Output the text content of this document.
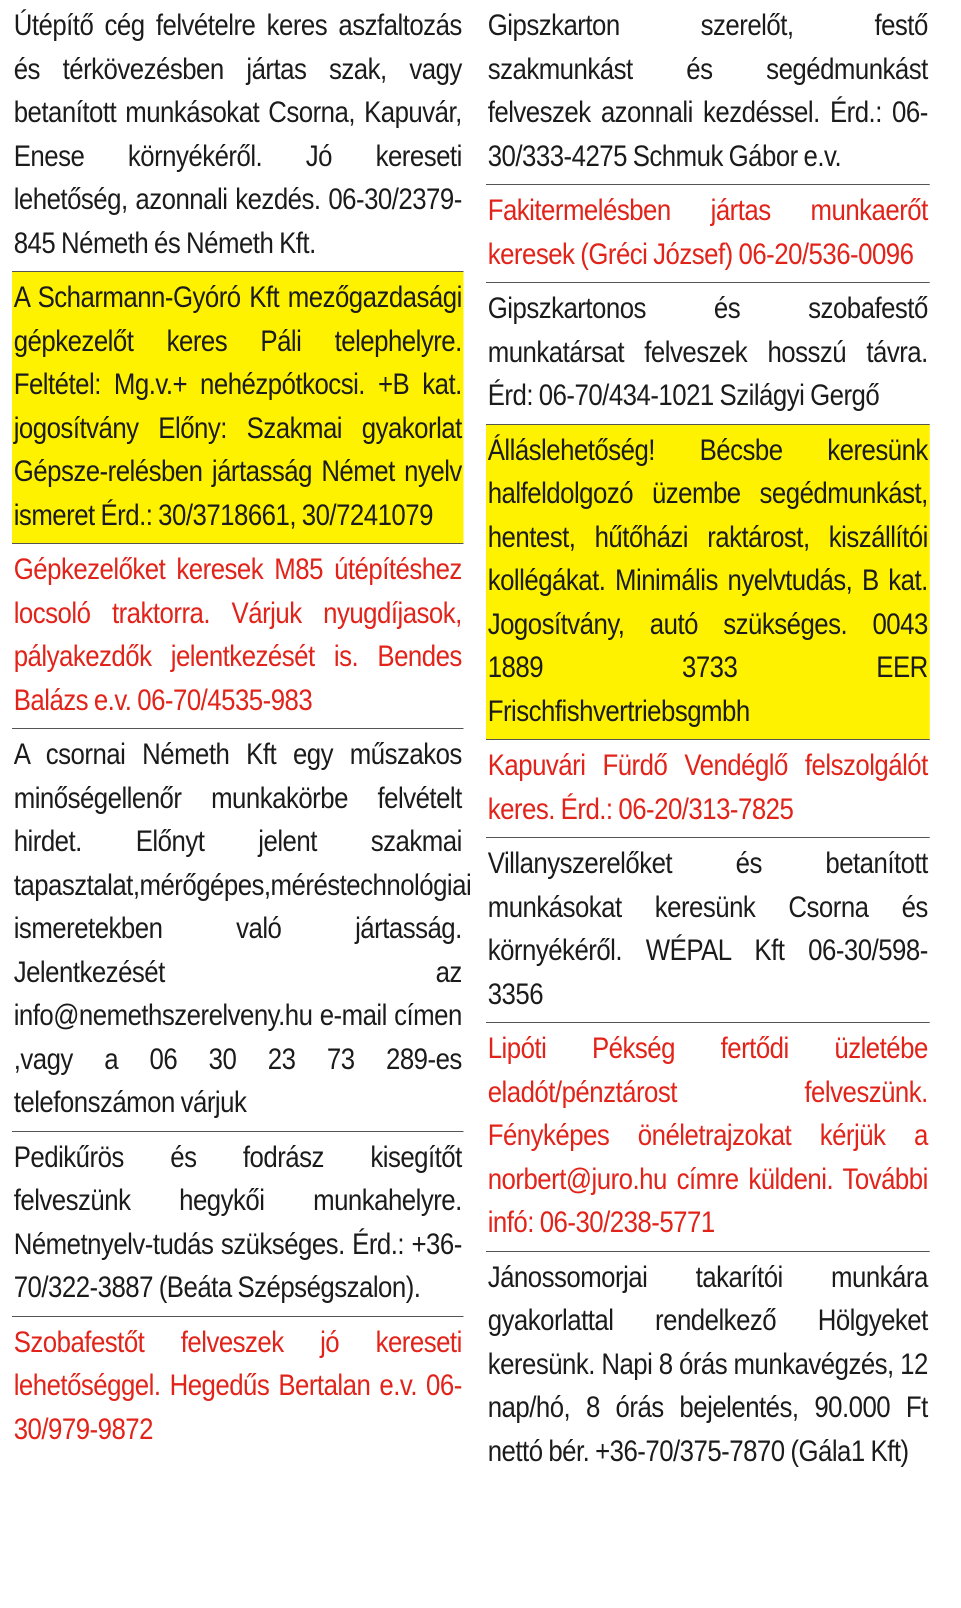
Útépítő cég felvételre keres aszfaltozás és térkövezésben jártas szak, vagy betanított munkásokat Csorna, Kapuvár, Enese környékéről. Jó kereseti lehetőség, azonnali kezdés. 06-30/2379-845 Németh és Németh Kft.

A Scharmann-Gyóró Kft mezőgazdasági gépkezelőt keres Páli telephelyre. Feltétel: Mg.v.+ nehézpótkocsi. +B kat. jogosítvány Előny: Szakmai gyakorlat Gépsze-relésben jártasság Német nyelv ismeret Érd.: 30/3718661, 30/7241079

Gépkezelőket keresek M85 útépítéshez locsoló traktorra. Várjuk nyugdíjasok, pályakezdők jelentkezését is. Bendes Balázs e.v. 06-70/4535-983

A csornai Németh Kft egy műszakos minőségellenőr munkakörbe felvételt hirdet. Előnyt jelent szakmai tapasztalat,mérőgépes,méréstechnológiai ismeretekben való jártasság. Jelentkezését az info@nemethszerelveny.hu e-mail címen ,vagy a 06 30 23 73 289-es telefonszámon várjuk

Pedikűrös és fodrász kisegítőt felveszünk hegykői munkahelyre. Németnyelv-tudás szükséges. Érd.: +36-70/322-3887 (Beáta Szépségszalon).

Szobafestőt felveszek jó kereseti lehetőséggel. Hegedűs Bertalan e.v. 06-30/979-9872

Gipszkarton szerelőt, festő szakmunkást és segédmunkást felveszek azonnali kezdéssel. Érd.: 06-30/333-4275 Schmuk Gábor e.v.

Fakitermelésben jártas munkaerőt keresek (Gréci József) 06-20/536-0096

Gipszkartonos és szobafestő munkatársat felveszek hosszú távra. Érd: 06-70/434-1021 Szilágyi Gergő

Álláslehetőség! Bécsbe keresünk halfeldolgozó üzembe segédmunkást, hentest, hűtőházi raktárost, kiszállítói kollégákat. Minimális nyelvtudás, B kat. Jogosítvány, autó szükséges. 0043 1889 3733 EER Frischfishvertriebsgmbh

Kapuvári Fürdő Vendéglő felszolgálót keres. Érd.: 06-20/313-7825

Villanyszerelőket és betanított munkásokat keresünk Csorna és környékéről. WÉPAL Kft 06-30/598-3356

Lipóti Pékség fertődi üzletébe eladót/pénztárost felveszünk. Fényképes önéletrajzokat kérjük a norbert@juro.hu címre küldeni. További infó: 06-30/238-5771

Jánossomorjai takarítói munkára gyakorlattal rendelkező Hölgyeket keresünk. Napi 8 órás munkavégzés, 12 nap/hó, 8 órás bejelentés, 90.000 Ft nettó bér. +36-70/375-7870 (Gála1 Kft)
